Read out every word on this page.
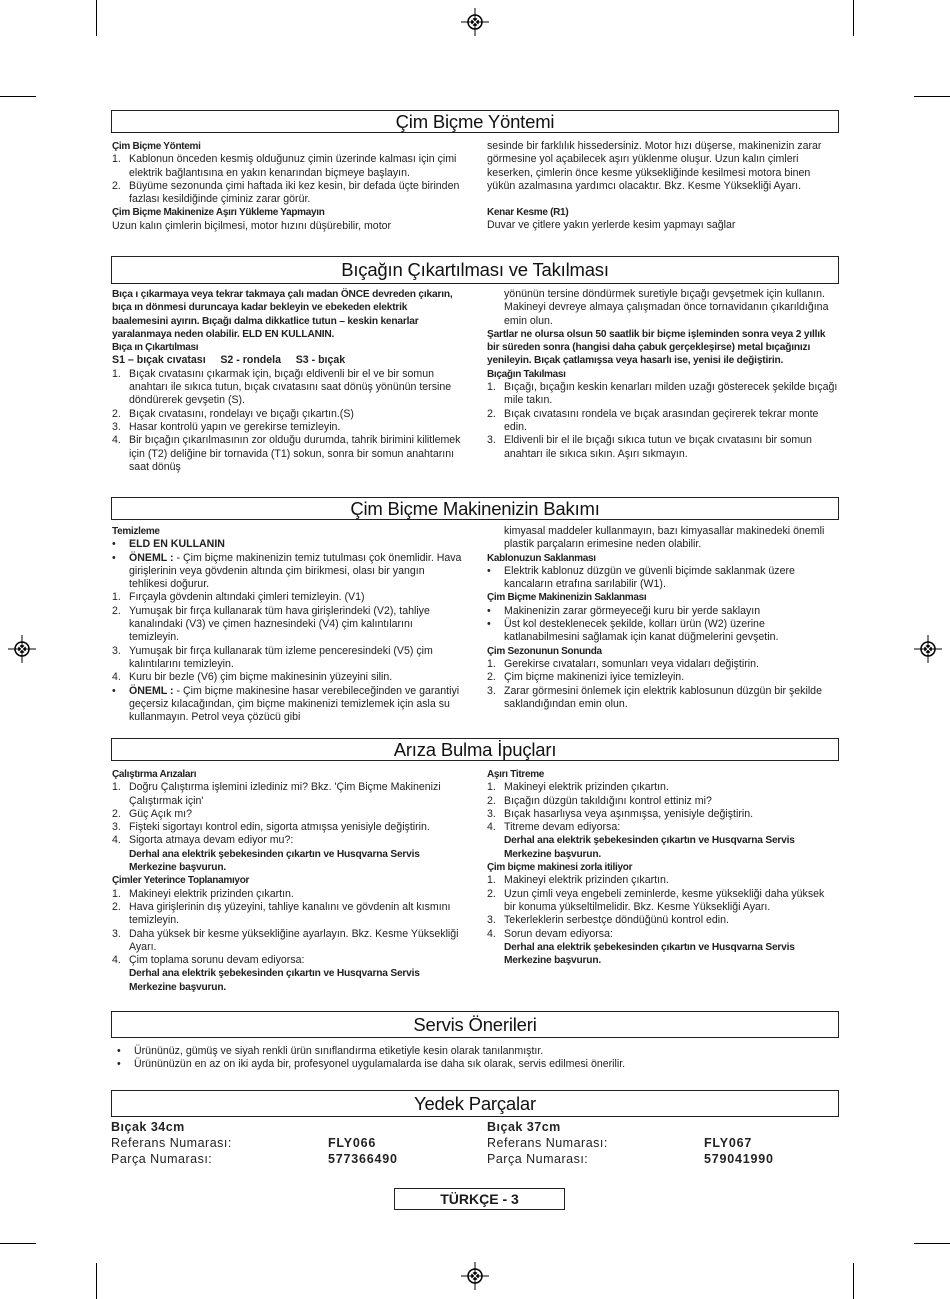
Çim Biçme Yöntemi

Çim Biçme Yöntemi

1. Kablonun önceden kesmiş olduğunuz çimin üzerinde kalması için çimi elektrik bağlantısına en yakın kenarından biçmeye başlayın.
2. Büyüme sezonunda çimi haftada iki kez kesin, bir defada üçte birinden fazlası kesildiğinde çiminiz zarar görür.

Çim Biçme Makinenize Aşırı Yükleme Yapmayın

Uzun kalın çimlerin biçilmesi, motor hızını düşürebilir, motor

sesinde bir farklılık hissedersiniz. Motor hızı düşerse, makinenizin zarar görmesine yol açabilecek aşırı yüklenme oluşur. Uzun kalın çimleri keserken, çimlerin önce kesme yüksekliğinde kesilmesi motora binen yükün azalmasına yardımcı olacaktır. Bkz. Kesme Yüksekliği Ayarı.

Kenar Kesme (R1)

Duvar ve çitlere yakın yerlerde kesim yapmayı sağlar

Bıçağın Çıkartılması ve Takılması

Bıça ı çıkarmaya veya tekrar takmaya çalı madan ÖNCE devreden çıkarın, bıça ın dönmesi duruncaya kadar bekleyin ve ebekeden elektrik baalemesini ayırın. Bıçağı dalma dikkatlice tutun – keskin kenarlar yaralanmaya neden olabilir. ELD EN KULLANIN.

Bıça ın Çıkartılması

S1 – bıçak cıvatası     S2 - rondela     S3 - bıçak

1. Bıçak cıvatasını çıkarmak için, bıçağı eldivenli bir el ve bir somun anahtarı ile sıkıca tutun, bıçak cıvatasını saat dönüş yönünün tersine döndürerek gevşetin (S).
2. Bıçak cıvatasını, rondelayı ve bıçağı çıkartın.(S)
3. Hasar kontrolü yapın ve gerekirse temizleyin.
4. Bir bıçağın çıkarılmasının zor olduğu durumda, tahrik birimini kilitlemek için (T2) deliğine bir tornavida (T1) sokun, sonra bir somun anahtarını saat dönüş

yönünün tersine döndürmek suretiyle bıçağı gevşetmek için kullanın. Makineyi devreye almaya çalışmadan önce tornavidanın çıkarıldığına emin olun.

Şartlar ne olursa olsun 50 saatlik bir biçme işleminden sonra veya 2 yıllık bir süreden sonra (hangisi daha çabuk gerçekleşirse) metal bıçağınızı yenileyin. Bıçak çatlamışsa veya hasarlı ise, yenisi ile değiştirin.

Bıçağın Takılması

1. Bıçağı, bıçağın keskin kenarları milden uzağı gösterecek şekilde bıçağı mile takın.
2. Bıçak cıvatasını rondela ve bıçak arasından geçirerek tekrar monte edin.
3. Eldivenli bir el ile bıçağı sıkıca tutun ve bıçak cıvatasını bir somun anahtarı ile sıkıca sıkın. Aşırı sıkmayın.
Çim Biçme Makinenizin Bakımı

Temizleme

•	ELD EN KULLANIN
•	ÖNEML : - Çim biçme makinenizin temiz tutulması çok önemlidir. Hava girişlerinin veya gövdenin altında çim birikmesi, olası bir yangın tehlikesi doğurur.
1. Fırçayla gövdenin altındaki çimleri temizleyin. (V1)
2. Yumuşak bir fırça kullanarak tüm hava girişlerindeki (V2), tahliye kanalındaki (V3) ve çimen haznesindeki (V4) çim kalıntılarını temizleyin.
3. Yumuşak bir fırça kullanarak tüm izleme penceresindeki (V5) çim kalıntılarını temizleyin.
4. Kuru bir bezle (V6) çim biçme makinesinin yüzeyini silin.
•	ÖNEML : - Çim biçme makinesine hasar verebileceğinden ve garantiyi geçersiz kılacağından, çim biçme makinenizi temizlemek için asla su kullanmayın. Petrol veya çözücü gibi

kimyasal maddeler kullanmayın, bazı kimyasallar makinedeki önemli plastik parçaların erimesine neden olabilir.

Kablonuzun Saklanması

•	Elektrik kablonuz düzgün ve güvenli biçimde saklanmak üzere kancaların etrafına sarılabilir (W1).

Çim Biçme Makinenizin Saklanması

•	Makinenizin zarar görmeyeceği kuru bir yerde saklayın
•	Üst kol desteklenecek şekilde, kolları ürün (W2) üzerine katlanabilmesini sağlamak için kanat düğmelerini gevşetin.

Çim Sezonunun Sonunda

1. Gerekirse cıvataları, somunları veya vidaları değiştirin.
2. Çim biçme makinenizi iyice temizleyin.
3. Zarar görmesini önlemek için elektrik kablosunun düzgün bir şekilde saklandığından emin olun.
Arıza Bulma İpuçları

Çalıştırma Arızaları

1. Doğru Çalıştırma işlemini izlediniz mi? Bkz. 'Çim Biçme Makinenizi Çalıştırmak için'
2. Güç Açık mı?
3. Fişteki sigortayı kontrol edin, sigorta atmışsa yenisiyle değiştirin.
4. Sigorta atmaya devam ediyor mu?:

Derhal ana elektrik şebekesinden çıkartın ve Husqvarna Servis Merkezine başvurun.

Çimler Yeterince Toplanamıyor

1. Makineyi elektrik prizinden çıkartın.
2. Hava girişlerinin dış yüzeyini, tahliye kanalını ve gövdenin alt kısmını temizleyin.
3. Daha yüksek bir kesme yüksekliğine ayarlayın. Bkz. Kesme Yüksekliği Ayarı.
4. Çim toplama sorunu devam ediyorsa:

Derhal ana elektrik şebekesinden çıkartın ve Husqvarna Servis Merkezine başvurun.

Aşırı Titreme

1. Makineyi elektrik prizinden çıkartın.
2. Bıçağın düzgün takıldığını kontrol ettiniz mi?
3. Bıçak hasarlıysa veya aşınmışsa, yenisiyle değiştirin.
4. Titreme devam ediyorsa:

Derhal ana elektrik şebekesinden çıkartın ve Husqvarna Servis Merkezine başvurun.

Çim biçme makinesi zorla itiliyor

1. Makineyi elektrik prizinden çıkartın.
2. Uzun çimli veya engebeli zeminlerde, kesme yüksekliği daha yüksek bir konuma yükseltilmelidir. Bkz. Kesme Yüksekliği Ayarı.
3. Tekerleklerin serbestçe döndüğünü kontrol edin.
4. Sorun devam ediyorsa:

Derhal ana elektrik şebekesinden çıkartın ve Husqvarna Servis Merkezine başvurun.

Servis Önerileri
•	Ürününüz, gümüş ve siyah renkli ürün sınıflandırma etiketiyle kesin olarak tanılanmıştır.
•	Ürününüzün en az on iki ayda bir, profesyonel uygulamalarda ise daha sık olarak, servis edilmesi önerilir.
Yedek Parçalar
Bıçak 34cm
Referans Numarası:	FLY066
Parça Numarası:	577366490
Bıçak 37cm
Referans Numarası:	FLY067
Parça Numarası:	579041990
TÜRKÇE - 3
